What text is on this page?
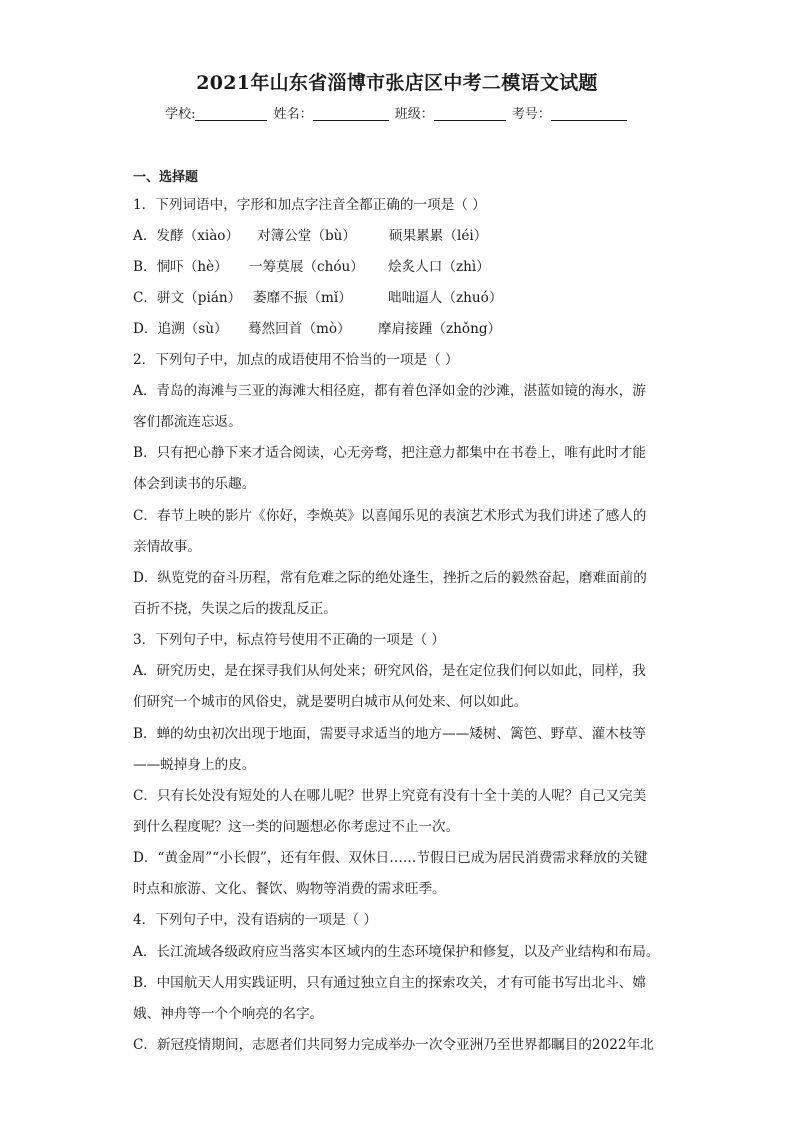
2021年山东省淄博市张店区中考二模语文试题
学校:	姓名：	班级：	考号：
一、选择题
1．下列词语中，字形和加点字注音全都正确的一项是（ ）
A．发酵（xiào） 对簿公堂（bù） 硕果累累（léi）
B．恫吓（hè） 一筹莫展（chóu） 烩炙人口（zhì）
C．骈文（pián） 萎靡不振（mǐ）	咄咄逼人（zhuó）
D．追溯（sù） 蓦然回首（mò） 摩肩接踵（zhǒng）
2．下列句子中，加点的成语使用不恰当的一项是（ ）
A．青岛的海滩与三亚的海滩大相径庭，都有着色泽如金的沙滩，湛蓝如镜的海水，游
客们都流连忘返。
B．只有把心静下来才适合阅读，心无旁骛，把注意力都集中在书卷上，唯有此时才能
体会到读书的乐趣。
C．春节上映的影片《你好，李焕英》以喜闻乐见的表演艺术形式为我们讲述了感人的
亲情故事。
D．纵览党的奋斗历程，常有危难之际的绝处逢生，挫折之后的毅然奋起，磨难面前的
百折不挠，失误之后的拨乱反正。
3．下列句子中，标点符号使用不正确的一项是（ ）
A．研究历史，是在探寻我们从何处来；研究风俗，是在定位我们何以如此，同样，我
们研究一个城市的风俗史，就是要明白城市从何处来、何以如此。
B．蝉的幼虫初次出现于地面，需要寻求适当的地方——矮树、篱笆、野草、灌木枝等
——蜕掉身上的皮。
C．只有长处没有短处的人在哪儿呢？世界上究竟有没有十全十美的人呢？自己又完美
到什么程度呢？这一类的问题想必你考虑过不止一次。
D．“黄金周”“小长假”，还有年假、双休日……节假日已成为居民消费需求释放的关键
时点和旅游、文化、餐饮、购物等消费的需求旺季。
4．下列句子中，没有语病的一项是（ ）
A．长江流域各级政府应当落实本区域内的生态环境保护和修复，以及产业结构和布局。
B．中国航天人用实践证明，只有通过独立自主的探索攻关，才有可能书写出北斗、嫦
娥、神舟等一个个响亮的名字。
C．新冠疫情期间，志愿者们共同努力完成举办一次令亚洲乃至世界都瞩目的2022年北
